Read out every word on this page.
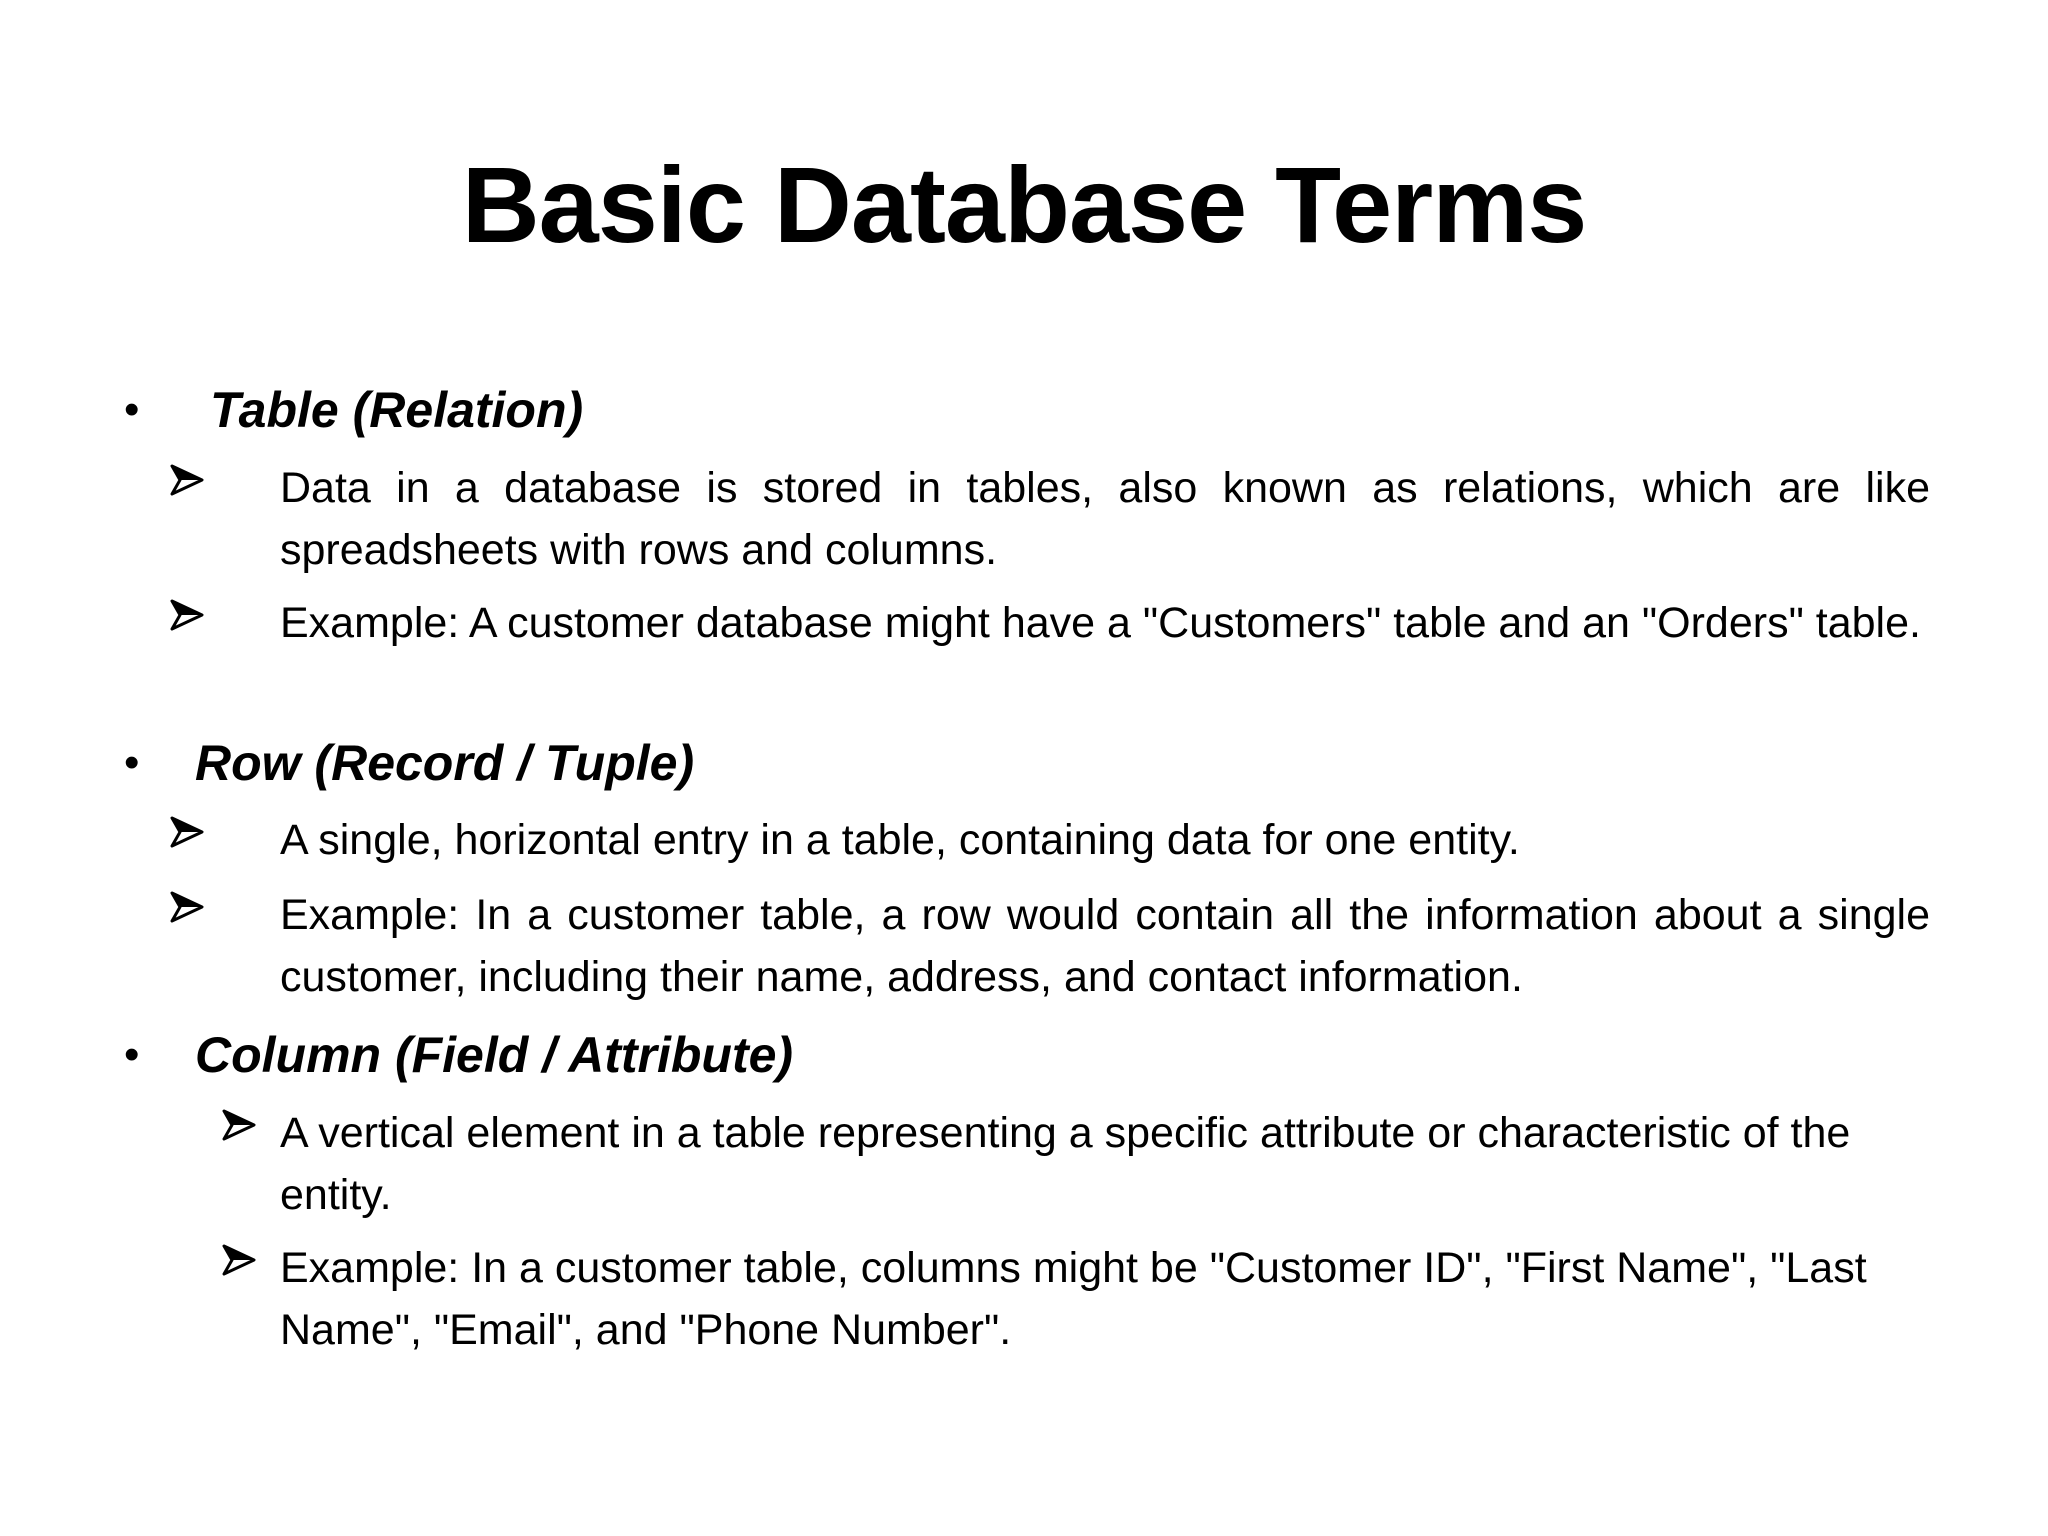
Basic Database Terms
• Table (Relation)
Data in a database is stored in tables, also known as relations, which are like spreadsheets with rows and columns.
Example: A customer database might have a "Customers" table and an "Orders" table.
• Row (Record / Tuple)
A single, horizontal entry in a table, containing data for one entity.
Example: In a customer table, a row would contain all the information about a single customer, including their name, address, and contact information.
• Column (Field / Attribute)
A vertical element in a table representing a specific attribute or characteristic of the entity.
Example: In a customer table, columns might be "Customer ID", "First Name", "Last Name", "Email", and "Phone Number".
